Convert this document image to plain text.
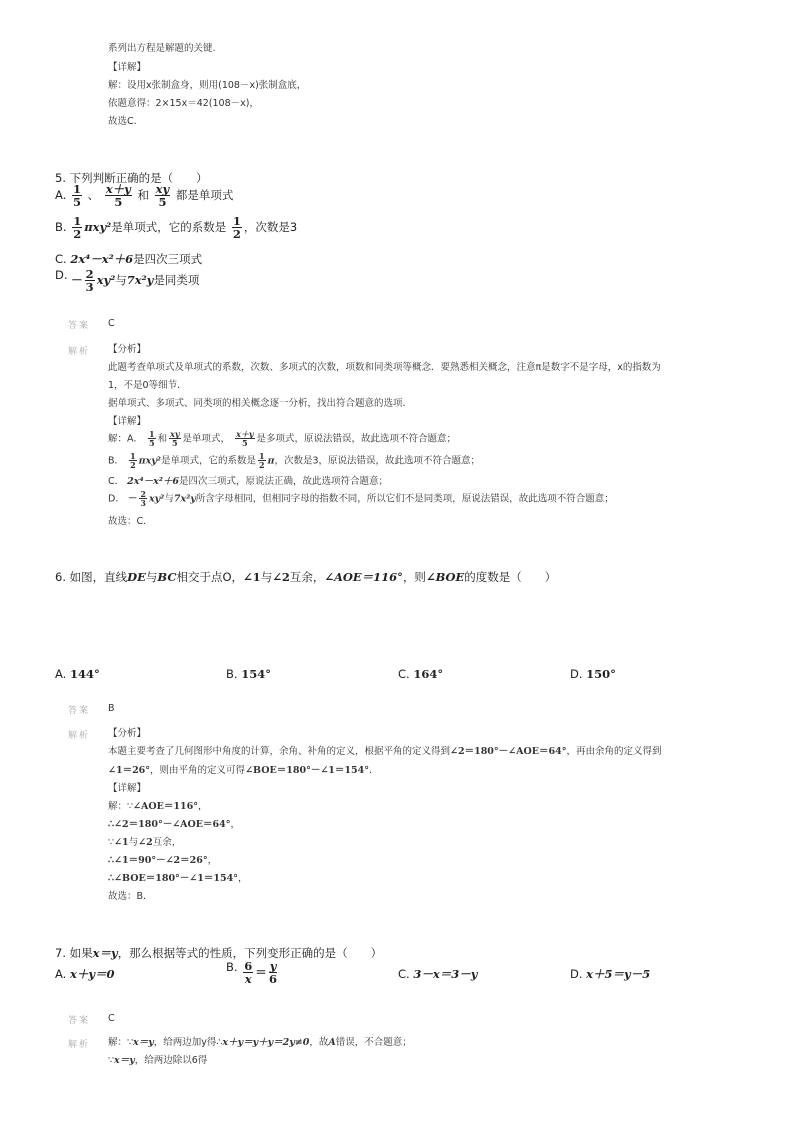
系列出方程是解题的关键.
【详解】
解：设用x张制盒身，则用(108－x)张制盒底，
依题意得：2×15x＝42(108－x)，
故选C.
5. 下列判断正确的是（　　）
A. $\frac{1}{5}$ 、 $\frac{x+y}{5}$ 和 $\frac{xy}{5}$ 都是单项式
B. $\frac{1}{2} \pi xy^2$是单项式，它的系数是 $\frac{1}{2}$ ，次数是3
C. 2x⁴－x²＋6是四次三项式
D. － $\frac{2}{3} xy^2$与7x²y是同类项
答案 C
解析 【分析】
此题考查单项式及单项式的系数，次数、多项式的次数，项数和同类项等概念．要熟悉相关概念，注意π是数字不是字母，x的指数为
1，不是0等细节．
据单项式、多项式、同类项的相关概念逐一分析，找出符合题意的选项．
【详解】
解：A． $\frac{1}{5}$ 和 $\frac{xy}{5}$ 是单项式， $\frac{x+y}{5}$ 是多项式，原说法错误，故此选项不符合题意；
B． $\frac{1}{2} \pi xy^2$是单项式，它的系数是 $\frac{1}{2}$ π，次数是3，原说法错误，故此选项不符合题意；
C． 2x⁴－x²＋6是四次三项式，原说法正确，故此选项符合题意；
D． － $\frac{2}{3} xy^2$与7x²y所含字母相同，但相同字母的指数不同，所以它们不是同类项，原说法错误，故此选项不符合题意；
故选：C.
6. 如图，直线DE与BC相交于点O，∠1与∠2互余，∠AOE＝116°，则∠BOE的度数是（　　）
A. 144°	B. 154°	C. 164°	D. 150°
答案 B
解析 【分析】
本题主要考查了几何图形中角度的计算，余角、补角的定义，根据平角的定义得到∠2＝180°－∠AOE＝64°，再由余角的定义得到
∠1＝26°，则由平角的定义可得∠BOE＝180°－∠1＝154°.
【详解】
解：∵∠AOE＝116°，
∴∠2＝180°－∠AOE＝64°，
∵∠1与∠2互余，
∴∠1＝90°－∠2＝26°，
∴∠BOE＝180°－∠1＝154°，
故选：B.
7. 如果x＝y，那么根据等式的性质，下列变形正确的是（　　）
A. x＋y＝0	B. $\frac{6}{x} = \frac{y}{6}$	C. 3－x＝3－y	D. x＋5＝y－5
答案 C
解析 解：∵x＝y，给两边加y得∴x＋y＝y＋y＝2y≠0，故A错误，不合题意；
∵x＝y，给两边除以6得
